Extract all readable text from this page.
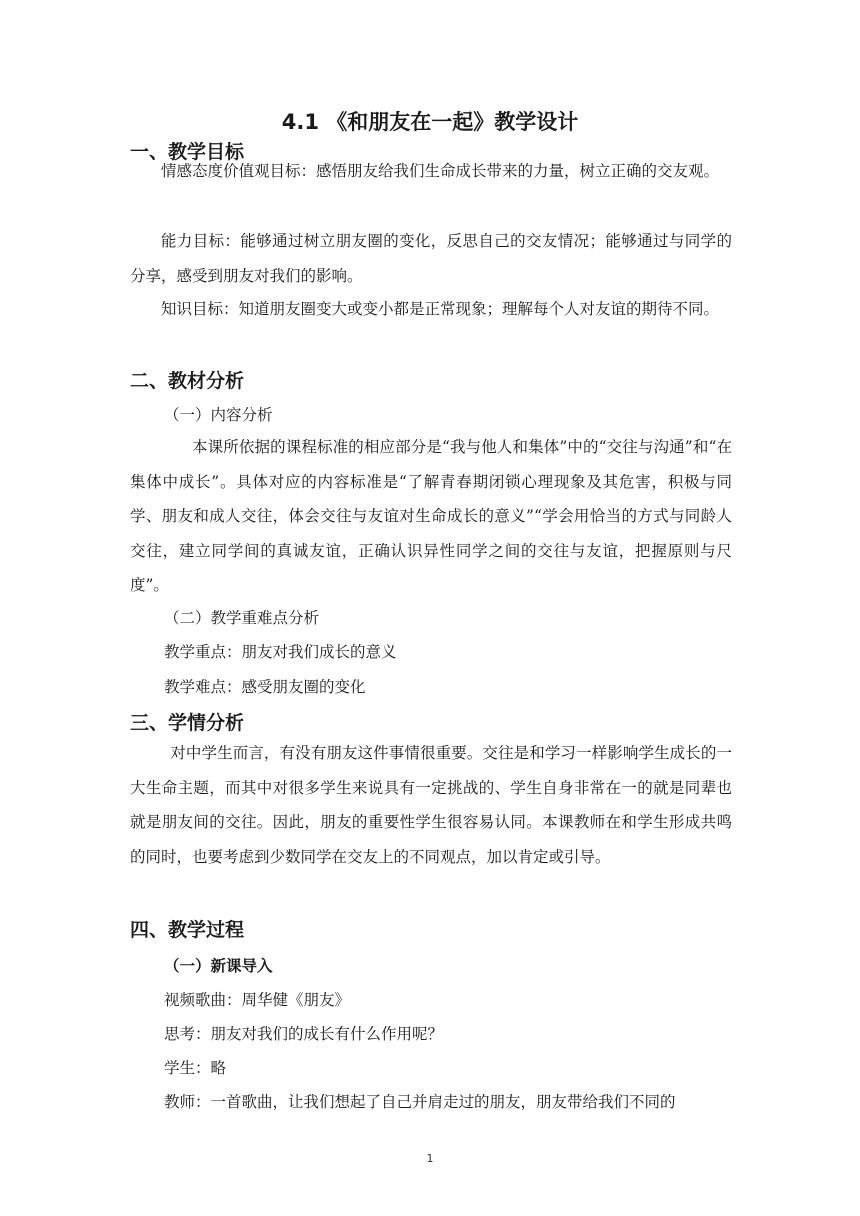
4.1 《和朋友在一起》教学设计
一、教学目标

情感态度价值观目标：感悟朋友给我们生命成长带来的力量，树立正确的交友观。

能力目标：能够通过树立朋友圈的变化，反思自己的交友情况；能够通过与同学的分享，感受到朋友对我们的影响。

知识目标：知道朋友圈变大或变小都是正常现象；理解每个人对友谊的期待不同。

二、教材分析

（一）内容分析

本课所依据的课程标准的相应部分是“我与他人和集体”中的“交往与沟通”和“在集体中成长”。具体对应的内容标准是“了解青春期闭锁心理现象及其危害，积极与同学、朋友和成人交往，体会交往与友谊对生命成长的意义”“学会用恰当的方式与同龄人交往，建立同学间的真诚友谊，正确认识异性同学之间的交往与友谊，把握原则与尺度”。

（二）教学重难点分析

教学重点：朋友对我们成长的意义

教学难点：感受朋友圈的变化

三、学情分析

对中学生而言，有没有朋友这件事情很重要。交往是和学习一样影响学生成长的一大生命主题，而其中对很多学生来说具有一定挑战的、学生自身非常在一的就是同辈也就是朋友间的交往。因此，朋友的重要性学生很容易认同。本课教师在和学生形成共鸣的同时，也要考虑到少数同学在交友上的不同观点，加以肯定或引导。

四、教学过程

（一）新课导入

视频歌曲：周华健《朋友》

思考：朋友对我们的成长有什么作用呢？

学生：略

教师：一首歌曲，让我们想起了自己并肩走过的朋友，朋友带给我们不同的

1
